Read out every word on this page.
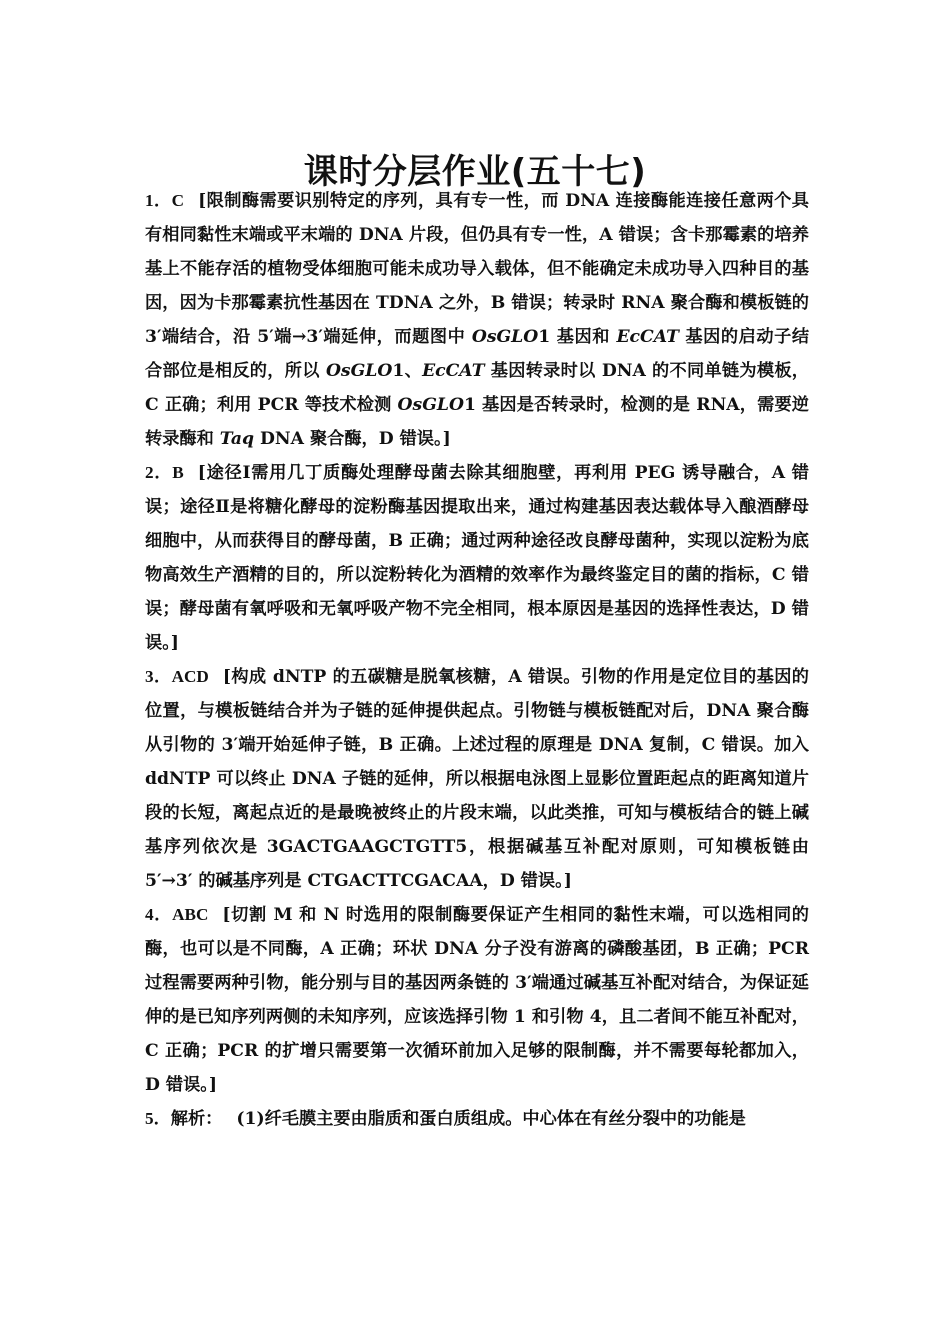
课时分层作业(五十七)

1．C [限制酶需要识别特定的序列，具有专一性，而 DNA 连接酶能连接任意两个具有相同黏性末端或平末端的 DNA 片段，但仍具有专一性，A 错误；含卡那霉素的培养基上不能存活的植物受体细胞可能未成功导入载体，但不能确定未成功导入四种目的基因，因为卡那霉素抗性基因在 TDNA 之外，B 错误；转录时 RNA 聚合酶和模板链的 3′端结合，沿 5′端→3′端延伸，而题图中 OsGLO1 基因和 EcCAT 基因的启动子结合部位是相反的，所以 OsGLO1、EcCAT 基因转录时以 DNA 的不同单链为模板，C 正确；利用 PCR 等技术检测 OsGLO1 基因是否转录时，检测的是 RNA，需要逆转录酶和 Taq DNA 聚合酶，D 错误。]

2．B [途径Ⅰ需用几丁质酶处理酵母菌去除其细胞壁，再利用 PEG 诱导融合，A 错误；途径Ⅱ是将糖化酵母的淀粉酶基因提取出来，通过构建基因表达载体导入酿酒酵母细胞中，从而获得目的酵母菌，B 正确；通过两种途径改良酵母菌种，实现以淀粉为底物高效生产酒精的目的，所以淀粉转化为酒精的效率作为最终鉴定目的菌的指标，C 错误；酵母菌有氧呼吸和无氧呼吸产物不完全相同，根本原因是基因的选择性表达，D 错误。]

3．ACD [构成 dNTP 的五碳糖是脱氧核糖，A 错误。引物的作用是定位目的基因的位置，与模板链结合并为子链的延伸提供起点。引物链与模板链配对后，DNA 聚合酶从引物的 3′端开始延伸子链，B 正确。上述过程的原理是 DNA 复制，C 错误。加入 ddNTP 可以终止 DNA 子链的延伸，所以根据电泳图上显影位置距起点的距离知道片段的长短，离起点近的是最晚被终止的片段末端，以此类推，可知与模板结合的链上碱基序列依次是 3GACTGAAGCTGTT5，根据碱基互补配对原则，可知模板链由 5′→3′ 的碱基序列是 CTGACTTCGACAA，D 错误。]

4．ABC [切割 M 和 N 时选用的限制酶要保证产生相同的黏性末端，可以选相同的酶，也可以是不同酶，A 正确；环状 DNA 分子没有游离的磷酸基团，B 正确；PCR 过程需要两种引物，能分别与目的基因两条链的 3′端通过碱基互补配对结合，为保证延伸的是已知序列两侧的未知序列，应该选择引物 1 和引物 4，且二者间不能互补配对，C 正确；PCR 的扩增只需要第一次循环前加入足够的限制酶，并不需要每轮都加入，D 错误。]

5．解析： (1)纤毛膜主要由脂质和蛋白质组成。中心体在有丝分裂中的功能是
